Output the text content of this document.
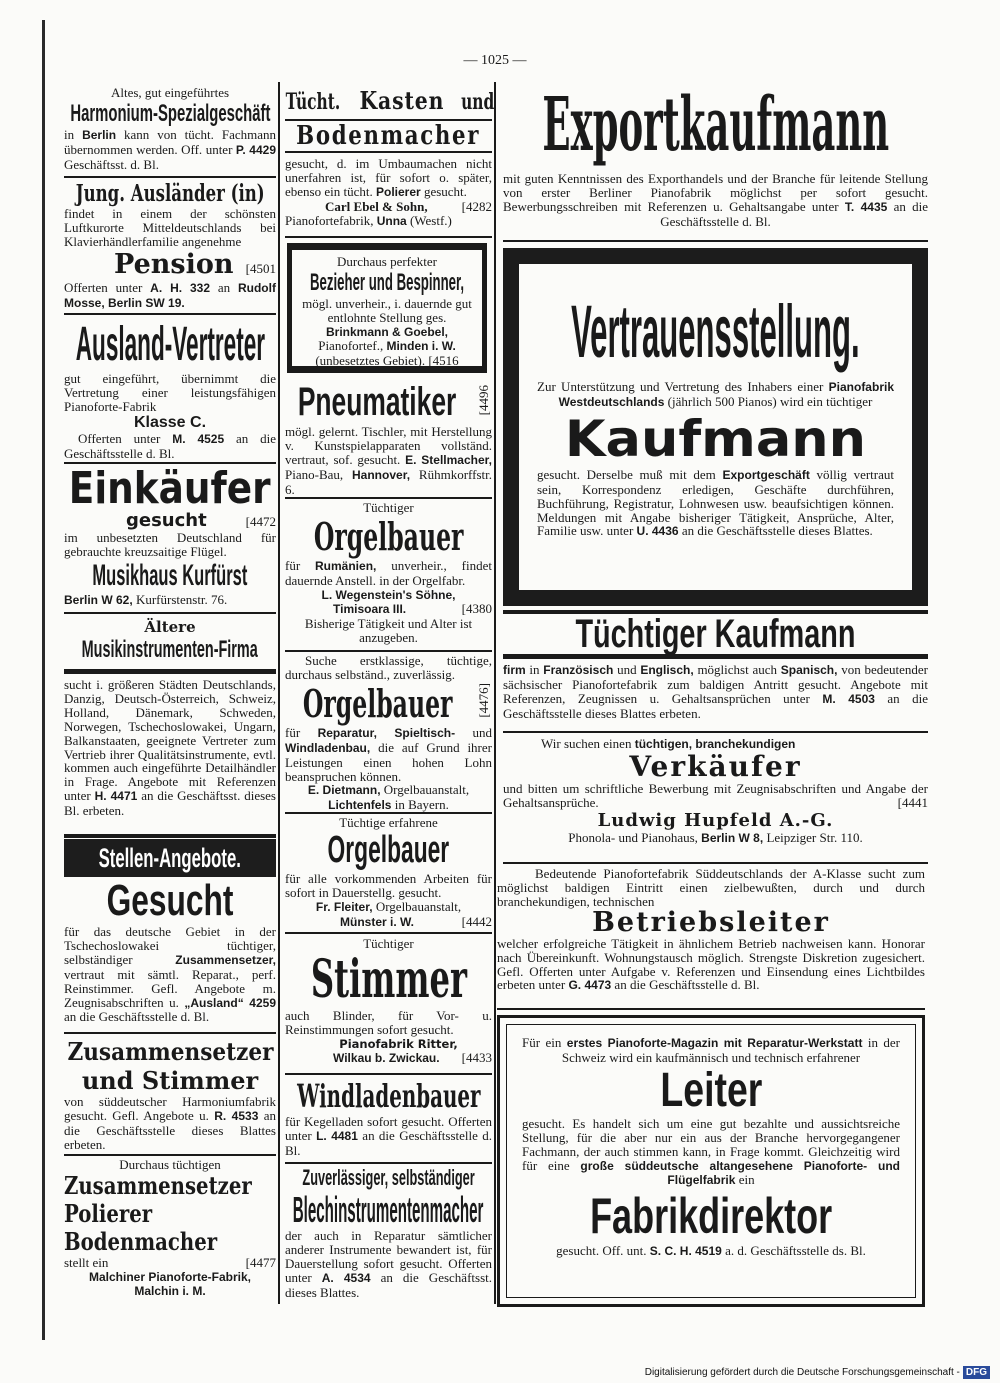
— 1025 —

Altes, gut eingeführtes

Harmonium-Spezialgeschäft

in Berlin kann von tücht. Fachmann übernommen werden. Off. unter P. 4429 Geschäftsst. d. Bl.

Jung. Ausländer (in)

findet in einem der schönsten Luftkurorte Mitteldeutschlands bei Klavierhändlerfamilie angenehme

Pension [4501

Offerten unter A. H. 332 an Rudolf Mosse, Berlin SW 19.

Ausland-Vertreter

gut eingeführt, übernimmt die Vertretung einer leistungsfähigen Pianoforte-Fabrik

Klasse C.

Offerten unter M. 4525 an die Geschäftsstelle d. Bl.

Einkäufer
gesucht	[4472

im unbesetzten Deutschland für gebrauchte kreuzsaitige Flügel.

Musikhaus Kurfürst

Berlin W 62, Kurfürstenstr. 76.

Ältere
Musikinstrumenten-Firma

sucht i. größeren Städten Deutschlands, Danzig, Deutsch-Österreich, Schweiz, Holland, Dänemark, Schweden, Norwegen, Tschechoslowakei, Ungarn, Balkanstaaten, geeignete Vertreter zum Vertrieb ihrer Qualitätsinstrumente, evtl. kommen auch eingeführte Detailhändler in Frage. Angebote mit Referenzen unter H. 4471 an die Geschäftsst. dieses Bl. erbeten.

Stellen-Angebote.
Gesucht

für das deutsche Gebiet in der Tschechoslowakei tüchtiger, selbständiger Zusammensetzer, vertraut mit sämtl. Reparat., perf. Reinstimmer. Gefl. Angebote m. Zeugnisabschriften u. „Ausland“ 4259 an die Geschäftsstelle d. Bl.

Zusammensetzer
und Stimmer

von süddeutscher Harmoniumfabrik gesucht. Gefl. Angebote u. R. 4533 an die Geschäftsstelle dieses Blattes erbeten.

Durchaus tüchtigen

Zusammensetzer
Polierer
Bodenmacher
stellt ein	[4477
Malchiner Pianoforte-Fabrik,
Malchin i. M.
Tücht. Kasten und
Bodenmacher

gesucht, d. im Umbaumachen nicht unerfahren ist, für sofort o. später, ebenso ein tücht. Polierer gesucht.

Carl Ebel & Sohn,	[4282

Pianofortefabrik, Unna (Westf.)

Durchaus perfekter

Bezieher und Bespinner,

mögl. unverheir., i. dauernde gut entlohnte Stellung ges.

Brinkmann & Goebel,

Pianofortef., Minden i. W.

(unbesetztes Gebiet). [4516

Pneumatiker [4496

mögl. gelernt. Tischler, mit Herstellung v. Kunstspielapparaten vollständ. vertraut, sof. gesucht. E. Stellmacher, Piano-Bau, Hannover, Rühmkorffstr. 6.

Tüchtiger

Orgelbauer

für Rumänien, unverheir., findet dauernde Anstell. in der Orgelfabr.

L. Wegenstein's Söhne,
Timisoara III.	[4380

Bisherige Tätigkeit und Alter ist anzugeben.

Suche erstklassige, tüchtige, durchaus selbständ., zuverlässig.

Orgelbauer [4476]

für Reparatur, Spieltisch- und Windladenbau, die auf Grund ihrer Leistungen einen hohen Lohn beanspruchen können.

E. Dietmann, Orgelbauanstalt,

Lichtenfels in Bayern.

Tüchtige erfahrene

Orgelbauer

für alle vorkommenden Arbeiten für sofort in Dauerstellg. gesucht.

Fr. Fleiter, Orgelbauanstalt,

Münster i. W.	[4442

Tüchtiger

Stimmer

auch Blinder, für Vor- u. Reinstimmungen sofort gesucht.

Pianofabrik Ritter,
Wilkau b. Zwickau. [4433
Windladenbauer

für Kegelladen sofort gesucht. Offerten unter L. 4481 an die Geschäftsstelle d. Bl.

Zuverlässiger, selbständiger
Blechinstrumentenmacher

der auch in Reparatur sämtlicher anderer Instrumente bewandert ist, für Dauerstellung sofort gesucht. Offerten unter A. 4534 an die Geschäftsst. dieses Blattes.

Exportkaufmann

mit guten Kenntnissen des Exporthandels und der Branche für leitende Stellung von erster Berliner Pianofabrik möglichst per sofort gesucht. Bewerbungsschreiben mit Referenzen u. Gehaltsangabe unter T. 4435 an die Geschäftsstelle d. Bl.

Vertrauensstellung.

Zur Unterstützung und Vertretung des Inhabers einer Pianofabrik Westdeutschlands (jährlich 500 Pianos) wird ein tüchtiger

Kaufmann

gesucht. Derselbe muß mit dem Exportgeschäft völlig vertraut sein, Korrespondenz erledigen, Geschäfte durchführen, Buchführung, Registratur, Lohnwesen usw. beaufsichtigen können. Meldungen mit Angabe bisheriger Tätigkeit, Ansprüche, Alter, Familie usw. unter U. 4436 an die Geschäftsstelle dieses Blattes.

Tüchtiger Kaufmann

firm in Französisch und Englisch, möglichst auch Spanisch, von bedeutender sächsischer Pianofortefabrik zum baldigen Antritt gesucht. Angebote mit Referenzen, Zeugnissen u. Gehaltsansprüchen unter M. 4503 an die Geschäftsstelle dieses Blattes erbeten.

Wir suchen einen tüchtigen, branchekundigen

Verkäufer

und bitten um schriftliche Bewerbung mit Zeugnisabschriften und Angabe der Gehaltsansprüche.	[4441
Ludwig Hupfeld A.-G.

Phonola- und Pianohaus, Berlin W 8, Leipziger Str. 110.

Bedeutende Pianofortefabrik Süddeutschlands der A-Klasse sucht zum möglichst baldigen Eintritt einen zielbewußten, durch und durch branchekundigen, technischen

Betriebsleiter

welcher erfolgreiche Tätigkeit in ähnlichem Betrieb nachweisen kann. Honorar nach Übereinkunft. Wohnungstausch möglich. Strengste Diskretion zugesichert. Gefl. Offerten unter Aufgabe v. Referenzen und Einsendung eines Lichtbildes erbeten unter G. 4473 an die Geschäftsstelle d. Bl.

Für ein erstes Pianoforte-Magazin mit Reparatur-Werkstatt in der Schweiz wird ein kaufmännisch und technisch erfahrener

Leiter

gesucht. Es handelt sich um eine gut bezahlte und aussichtsreiche Stellung, für die aber nur ein aus der Branche hervorgegangener Fachmann, der auch stimmen kann, in Frage kommt. Gleichzeitig wird für eine große süddeutsche altangesehene Pianoforte- und Flügelfabrik ein

Fabrikdirektor

gesucht. Off. unt. S. C. H. 4519 a. d. Geschäftsstelle ds. Bl.

Digitalisierung gefördert durch die Deutsche Forschungsgemeinschaft - DFG
